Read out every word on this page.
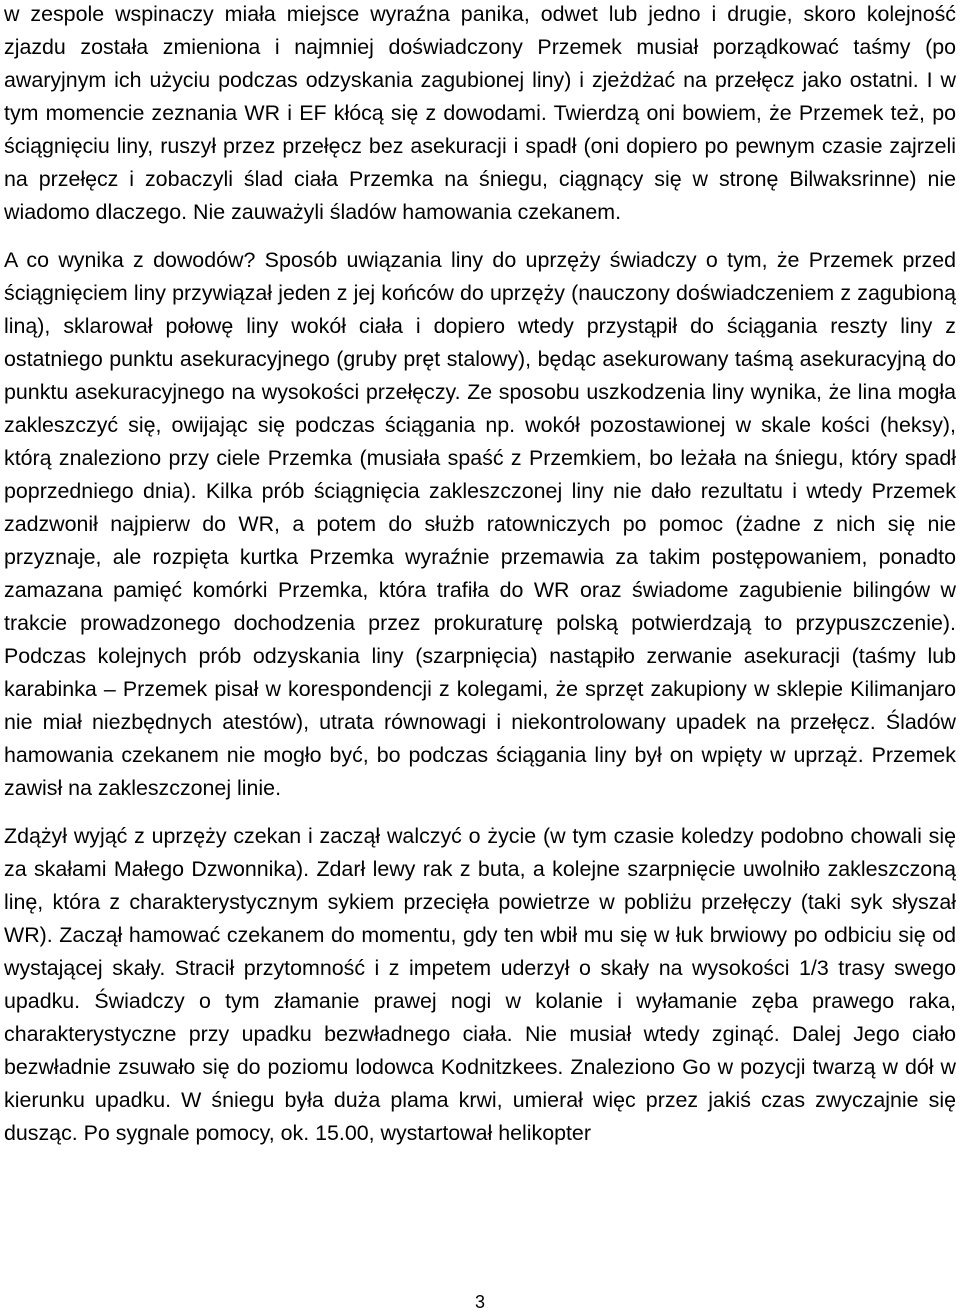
w zespole wspinaczy miała miejsce wyraźna panika, odwet lub jedno i drugie, skoro kolejność zjazdu została zmieniona i najmniej doświadczony Przemek musiał porządkować taśmy (po awaryjnym ich użyciu podczas odzyskania zagubionej liny) i zjeżdżać na przełęcz jako ostatni. I w tym momencie zeznania WR i EF kłócą się z dowodami. Twierdzą oni bowiem, że Przemek też, po ściągnięciu liny, ruszył przez przełęcz bez asekuracji i spadł (oni dopiero po pewnym czasie zajrzeli na przełęcz i zobaczyli ślad ciała Przemka na śniegu, ciągnący się w stronę Bilwaksrinne) nie wiadomo dlaczego. Nie zauważyli śladów hamowania czekanem.

A co wynika z dowodów? Sposób uwiązania liny do uprzęży świadczy o tym, że Przemek przed ściągnięciem liny przywiązał jeden z jej końców do uprzęży (nauczony doświadczeniem z zagubioną liną), sklarował połowę liny wokół ciała i dopiero wtedy przystąpił do ściągania reszty liny z ostatniego punktu asekuracyjnego (gruby pręt stalowy), będąc asekurowany taśmą asekuracyjną do punktu asekuracyjnego na wysokości przełęczy. Ze sposobu uszkodzenia liny wynika, że lina mogła zakleszczyć się, owijając się podczas ściągania np. wokół pozostawionej w skale kości (heksy), którą znaleziono przy ciele Przemka (musiała spaść z Przemkiem, bo leżała na śniegu, który spadł poprzedniego dnia). Kilka prób ściągnięcia zakleszczonej liny nie dało rezultatu i wtedy Przemek zadzwonił najpierw do WR, a potem do służb ratowniczych po pomoc (żadne z nich się nie przyznaje, ale rozpięta kurtka Przemka wyraźnie przemawia za takim postępowaniem, ponadto zamazana pamięć komórki Przemka, która trafiła do WR oraz świadome zagubienie bilingów w trakcie prowadzonego dochodzenia przez prokuraturę polską potwierdzają to przypuszczenie). Podczas kolejnych prób odzyskania liny (szarpnięcia) nastąpiło zerwanie asekuracji (taśmy lub karabinka – Przemek pisał w korespondencji z kolegami, że sprzęt zakupiony w sklepie Kilimanjaro nie miał niezbędnych atestów), utrata równowagi i niekontrolowany upadek na przełęcz. Śladów hamowania czekanem nie mogło być, bo podczas ściągania liny był on wpięty w uprząż. Przemek zawisł na zakleszczonej linie.

Zdążył wyjąć z uprzęży czekan i zaczął walczyć o życie (w tym czasie koledzy podobno chowali się za skałami Małego Dzwonnika). Zdarł lewy rak z buta, a kolejne szarpnięcie uwolniło zakleszczoną linę, która z charakterystycznym sykiem przecięła powietrze w pobliżu przełęczy (taki syk słyszał WR). Zaczął hamować czekanem do momentu, gdy ten wbił mu się w łuk brwiowy po odbiciu się od wystającej skały. Stracił przytomność i z impetem uderzył o skały na wysokości 1/3 trasy swego upadku. Świadczy o tym złamanie prawej nogi w kolanie i wyłamanie zęba prawego raka, charakterystyczne przy upadku bezwładnego ciała. Nie musiał wtedy zginąć. Dalej Jego ciało bezwładnie zsuwało się do poziomu lodowca Kodnitzkees. Znaleziono Go w pozycji twarzą w dół w kierunku upadku. W śniegu była duża plama krwi, umierał więc przez jakiś czas zwyczajnie się dusząc. Po sygnale pomocy, ok. 15.00, wystartował helikopter

3
